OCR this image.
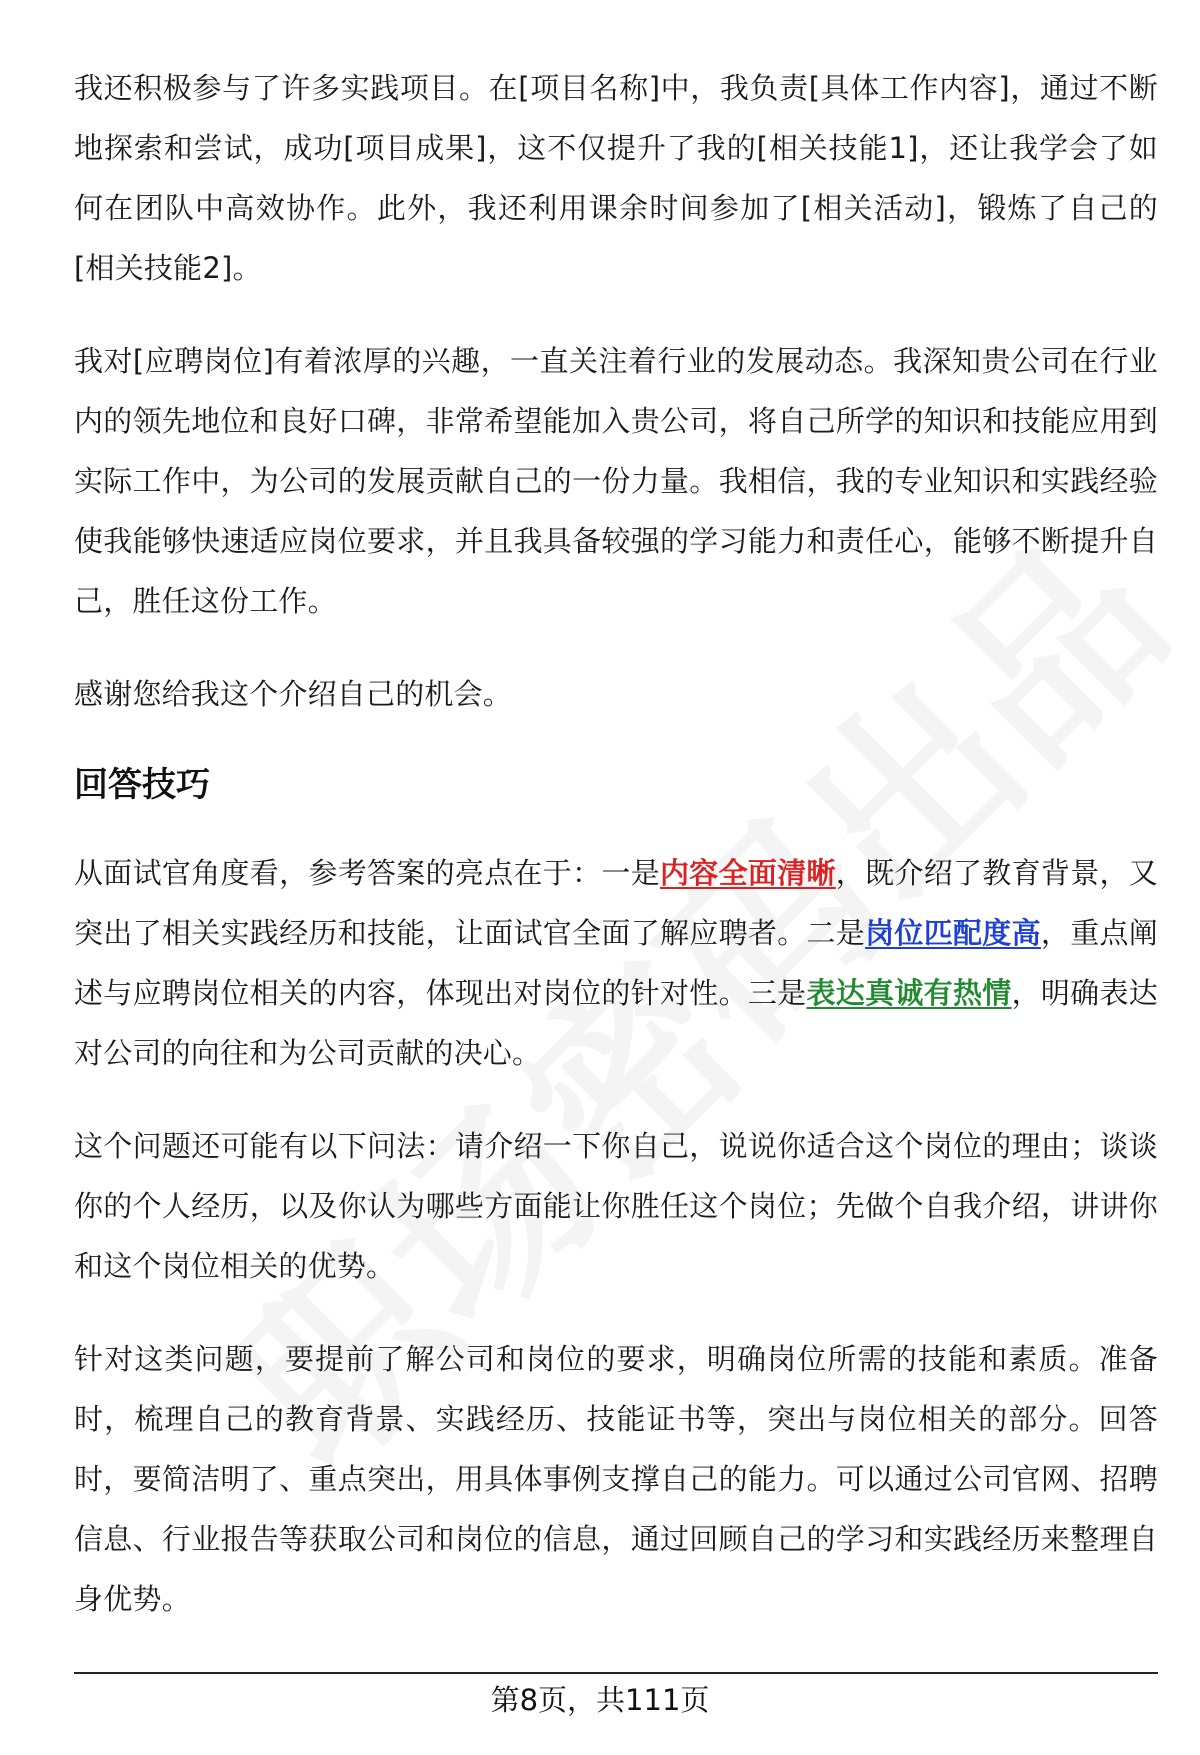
我还积极参与了许多实践项目。在[项目名称]中，我负责[具体工作内容]，通过不断地探索和尝试，成功[项目成果]，这不仅提升了我的[相关技能1]，还让我学会了如何在团队中高效协作。此外，我还利用课余时间参加了[相关活动]，锻炼了自己的[相关技能2]。

我对[应聘岗位]有着浓厚的兴趣，一直关注着行业的发展动态。我深知贵公司在行业内的领先地位和良好口碑，非常希望能加入贵公司，将自己所学的知识和技能应用到实际工作中，为公司的发展贡献自己的一份力量。我相信，我的专业知识和实践经验使我能够快速适应岗位要求，并且我具备较强的学习能力和责任心，能够不断提升自己，胜任这份工作。

感谢您给我这个介绍自己的机会。

回答技巧

从面试官角度看，参考答案的亮点在于：一是内容全面清晰，既介绍了教育背景，又突出了相关实践经历和技能，让面试官全面了解应聘者。二是岗位匹配度高，重点阐述与应聘岗位相关的内容，体现出对岗位的针对性。三是表达真诚有热情，明确表达对公司的向往和为公司贡献的决心。

这个问题还可能有以下问法：请介绍一下你自己，说说你适合这个岗位的理由；谈谈你的个人经历，以及你认为哪些方面能让你胜任这个岗位；先做个自我介绍，讲讲你和这个岗位相关的优势。

针对这类问题，要提前了解公司和岗位的要求，明确岗位所需的技能和素质。准备时，梳理自己的教育背景、实践经历、技能证书等，突出与岗位相关的部分。回答时，要简洁明了、重点突出，用具体事例支撑自己的能力。可以通过公司官网、招聘信息、行业报告等获取公司和岗位的信息，通过回顾自己的学习和实践经历来整理自身优势。

第8页，共111页
